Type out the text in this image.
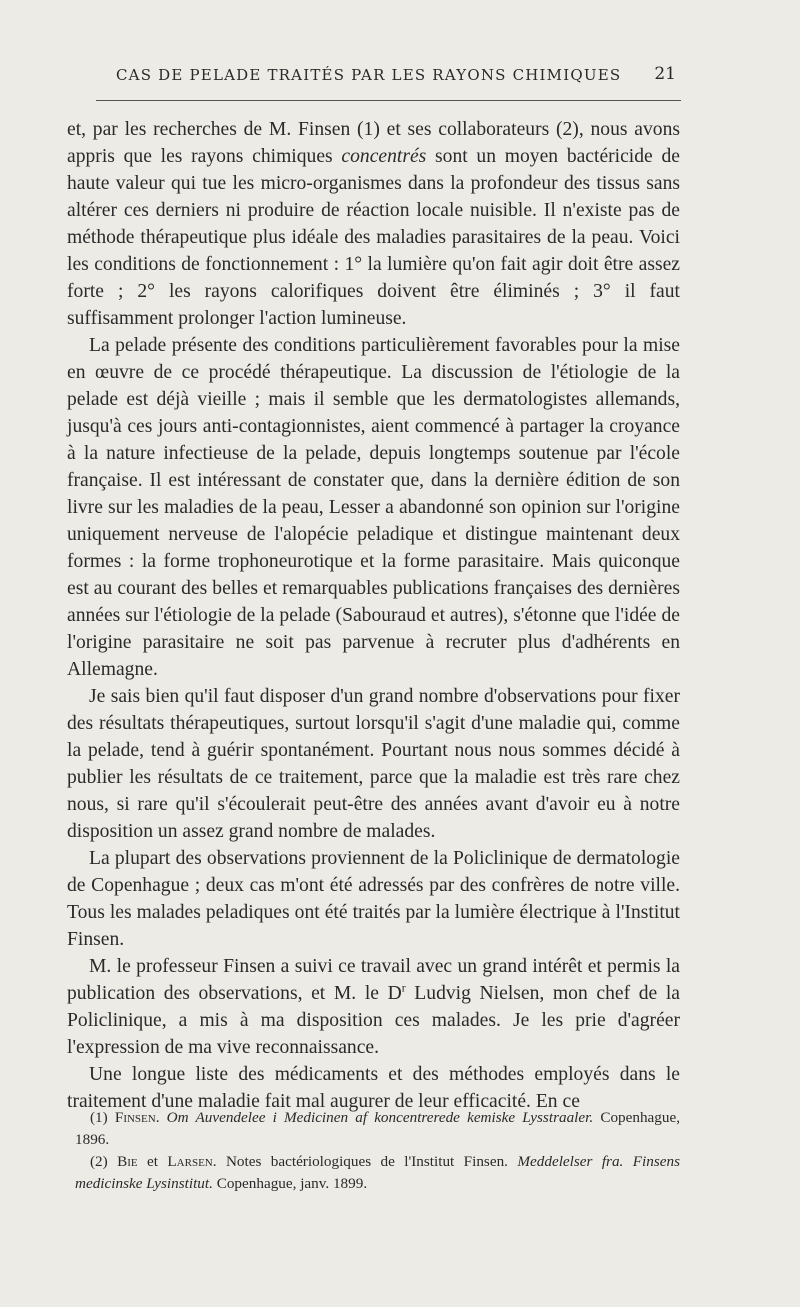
CAS DE PELADE TRAITÉS PAR LES RAYONS CHIMIQUES 21

et, par les recherches de M. Finsen (1) et ses collaborateurs (2), nous avons appris que les rayons chimiques concentrés sont un moyen bactéricide de haute valeur qui tue les micro-organismes dans la profondeur des tissus sans altérer ces derniers ni produire de réaction locale nuisible. Il n'existe pas de méthode thérapeutique plus idéale des maladies parasitaires de la peau. Voici les conditions de fonctionnement : 1° la lumière qu'on fait agir doit être assez forte ; 2° les rayons calorifiques doivent être éliminés ; 3° il faut suffisamment prolonger l'action lumineuse.

La pelade présente des conditions particulièrement favorables pour la mise en œuvre de ce procédé thérapeutique. La discussion de l'étiologie de la pelade est déjà vieille ; mais il semble que les dermatologistes allemands, jusqu'à ces jours anti-contagionnistes, aient commencé à partager la croyance à la nature infectieuse de la pelade, depuis longtemps soutenue par l'école française. Il est intéressant de constater que, dans la dernière édition de son livre sur les maladies de la peau, Lesser a abandonné son opinion sur l'origine uniquement nerveuse de l'alopécie peladique et distingue maintenant deux formes : la forme trophoneurotique et la forme parasitaire. Mais quiconque est au courant des belles et remarquables publications françaises des dernières années sur l'étiologie de la pelade (Sabouraud et autres), s'étonne que l'idée de l'origine parasitaire ne soit pas parvenue à recruter plus d'adhérents en Allemagne.

Je sais bien qu'il faut disposer d'un grand nombre d'observations pour fixer des résultats thérapeutiques, surtout lorsqu'il s'agit d'une maladie qui, comme la pelade, tend à guérir spontanément. Pourtant nous nous sommes décidé à publier les résultats de ce traitement, parce que la maladie est très rare chez nous, si rare qu'il s'écoulerait peut-être des années avant d'avoir eu à notre disposition un assez grand nombre de malades.

La plupart des observations proviennent de la Policlinique de dermatologie de Copenhague ; deux cas m'ont été adressés par des confrères de notre ville. Tous les malades peladiques ont été traités par la lumière électrique à l'Institut Finsen.

M. le professeur Finsen a suivi ce travail avec un grand intérêt et permis la publication des observations, et M. le $D^r$ Ludvig Nielsen, mon chef de la Policlinique, a mis à ma disposition ces malades. Je les prie d'agréer l'expression de ma vive reconnaissance.

Une longue liste des médicaments et des méthodes employés dans le traitement d'une maladie fait mal augurer de leur efficacité. En ce

(1) Finsen. Om Auvendelee i Medicinen af koncentrerede kemiske Lysstraaler. Copenhague, 1896.

(2) Bie et Larsen. Notes bactériologiques de l'Institut Finsen. Meddelelser fra. Finsens medicinske Lysinstitut. Copenhague, janv. 1899.
